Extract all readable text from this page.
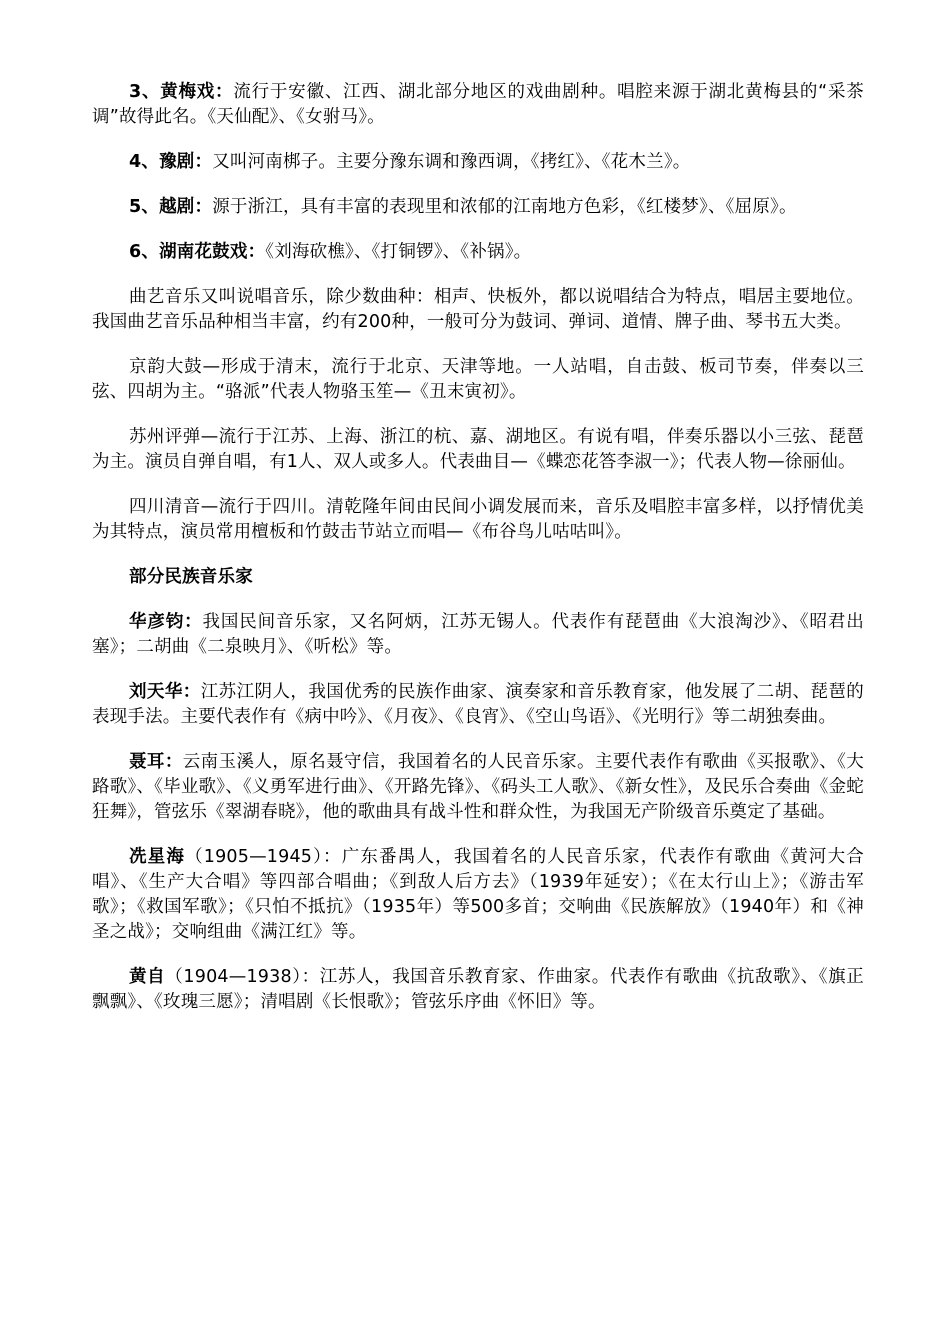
3、黄梅戏：流行于安徽、江西、湖北部分地区的戏曲剧种。唱腔来源于湖北黄梅县的“采茶调”故得此名。《天仙配》、《女驸马》。

4、豫剧：又叫河南梆子。主要分豫东调和豫西调，《拷红》、《花木兰》。

5、越剧：源于浙江，具有丰富的表现里和浓郁的江南地方色彩，《红楼梦》、《屈原》。

6、湖南花鼓戏：《刘海砍樵》、《打铜锣》、《补锅》。

曲艺音乐又叫说唱音乐，除少数曲种：相声、快板外，都以说唱结合为特点，唱居主要地位。我国曲艺音乐品种相当丰富，约有200种，一般可分为鼓词、弹词、道情、牌子曲、琴书五大类。

京韵大鼓—形成于清末，流行于北京、天津等地。一人站唱，自击鼓、板司节奏，伴奏以三弦、四胡为主。“骆派”代表人物骆玉笙—《丑末寅初》。

苏州评弹—流行于江苏、上海、浙江的杭、嘉、湖地区。有说有唱，伴奏乐器以小三弦、琵琶为主。演员自弹自唱，有1人、双人或多人。代表曲目—《蝶恋花答李淑一》；代表人物—徐丽仙。

四川清音—流行于四川。清乾隆年间由民间小调发展而来，音乐及唱腔丰富多样，以抒情优美为其特点，演员常用檀板和竹鼓击节站立而唱—《布谷鸟儿咕咕叫》。

部分民族音乐家

华彦钧：我国民间音乐家，又名阿炳，江苏无锡人。代表作有琵琶曲《大浪淘沙》、《昭君出塞》；二胡曲《二泉映月》、《听松》等。

刘天华：江苏江阴人，我国优秀的民族作曲家、演奏家和音乐教育家，他发展了二胡、琵琶的表现手法。主要代表作有《病中吟》、《月夜》、《良宵》、《空山鸟语》、《光明行》等二胡独奏曲。

聂耳：云南玉溪人，原名聂守信，我国着名的人民音乐家。主要代表作有歌曲《买报歌》、《大路歌》、《毕业歌》、《义勇军进行曲》、《开路先锋》、《码头工人歌》、《新女性》，及民乐合奏曲《金蛇狂舞》，管弦乐《翠湖春晓》，他的歌曲具有战斗性和群众性，为我国无产阶级音乐奠定了基础。

冼星海（1905—1945）：广东番禺人，我国着名的人民音乐家，代表作有歌曲《黄河大合唱》、《生产大合唱》等四部合唱曲；《到敌人后方去》（1939年延安）；《在太行山上》；《游击军歌》；《救国军歌》；《只怕不抵抗》（1935年）等500多首；交响曲《民族解放》（1940年）和《神圣之战》；交响组曲《满江红》等。

黄自（1904—1938）：江苏人，我国音乐教育家、作曲家。代表作有歌曲《抗敌歌》、《旗正飘飘》、《玫瑰三愿》；清唱剧《长恨歌》；管弦乐序曲《怀旧》等。
